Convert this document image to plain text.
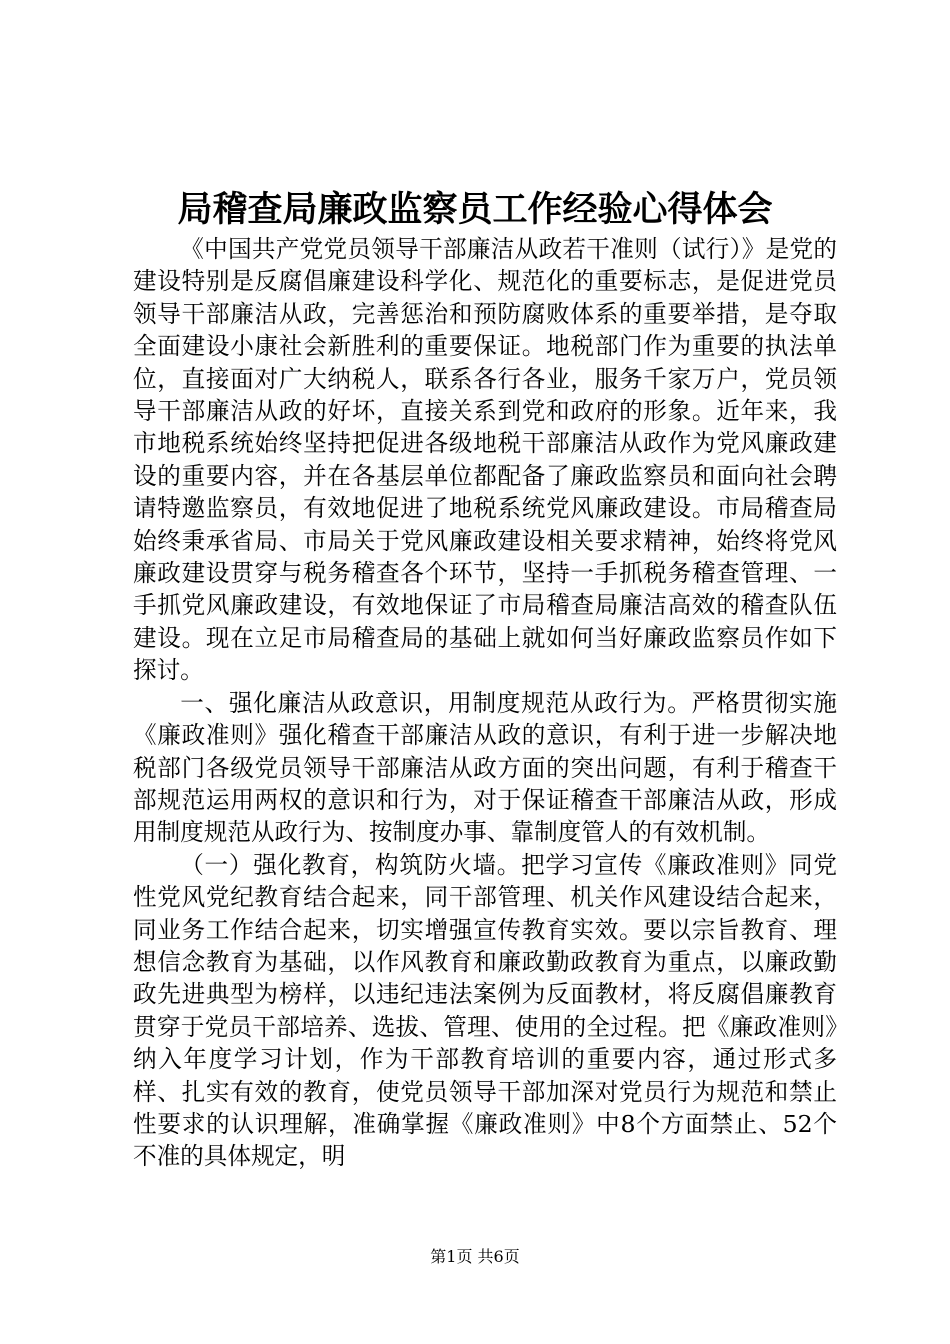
局稽查局廉政监察员工作经验心得体会

《中国共产党党员领导干部廉洁从政若干准则（试行）》是党的建设特别是反腐倡廉建设科学化、规范化的重要标志，是促进党员领导干部廉洁从政，完善惩治和预防腐败体系的重要举措，是夺取全面建设小康社会新胜利的重要保证。地税部门作为重要的执法单位，直接面对广大纳税人，联系各行各业，服务千家万户，党员领导干部廉洁从政的好坏，直接关系到党和政府的形象。近年来，我市地税系统始终坚持把促进各级地税干部廉洁从政作为党风廉政建设的重要内容，并在各基层单位都配备了廉政监察员和面向社会聘请特邀监察员，有效地促进了地税系统党风廉政建设。市局稽查局始终秉承省局、市局关于党风廉政建设相关要求精神，始终将党风廉政建设贯穿与税务稽查各个环节，坚持一手抓税务稽查管理、一手抓党风廉政建设，有效地保证了市局稽查局廉洁高效的稽查队伍建设。现在立足市局稽查局的基础上就如何当好廉政监察员作如下探讨。

一、强化廉洁从政意识，用制度规范从政行为。严格贯彻实施《廉政准则》强化稽查干部廉洁从政的意识，有利于进一步解决地税部门各级党员领导干部廉洁从政方面的突出问题，有利于稽查干部规范运用两权的意识和行为，对于保证稽查干部廉洁从政，形成用制度规范从政行为、按制度办事、靠制度管人的有效机制。

（一）强化教育，构筑防火墙。把学习宣传《廉政准则》同党性党风党纪教育结合起来，同干部管理、机关作风建设结合起来，同业务工作结合起来，切实增强宣传教育实效。要以宗旨教育、理想信念教育为基础，以作风教育和廉政勤政教育为重点，以廉政勤政先进典型为榜样，以违纪违法案例为反面教材，将反腐倡廉教育贯穿于党员干部培养、选拔、管理、使用的全过程。把《廉政准则》纳入年度学习计划，作为干部教育培训的重要内容，通过形式多样、扎实有效的教育，使党员领导干部加深对党员行为规范和禁止性要求的认识理解，准确掌握《廉政准则》中8个方面禁止、52个不准的具体规定，明

第1页 共6页
